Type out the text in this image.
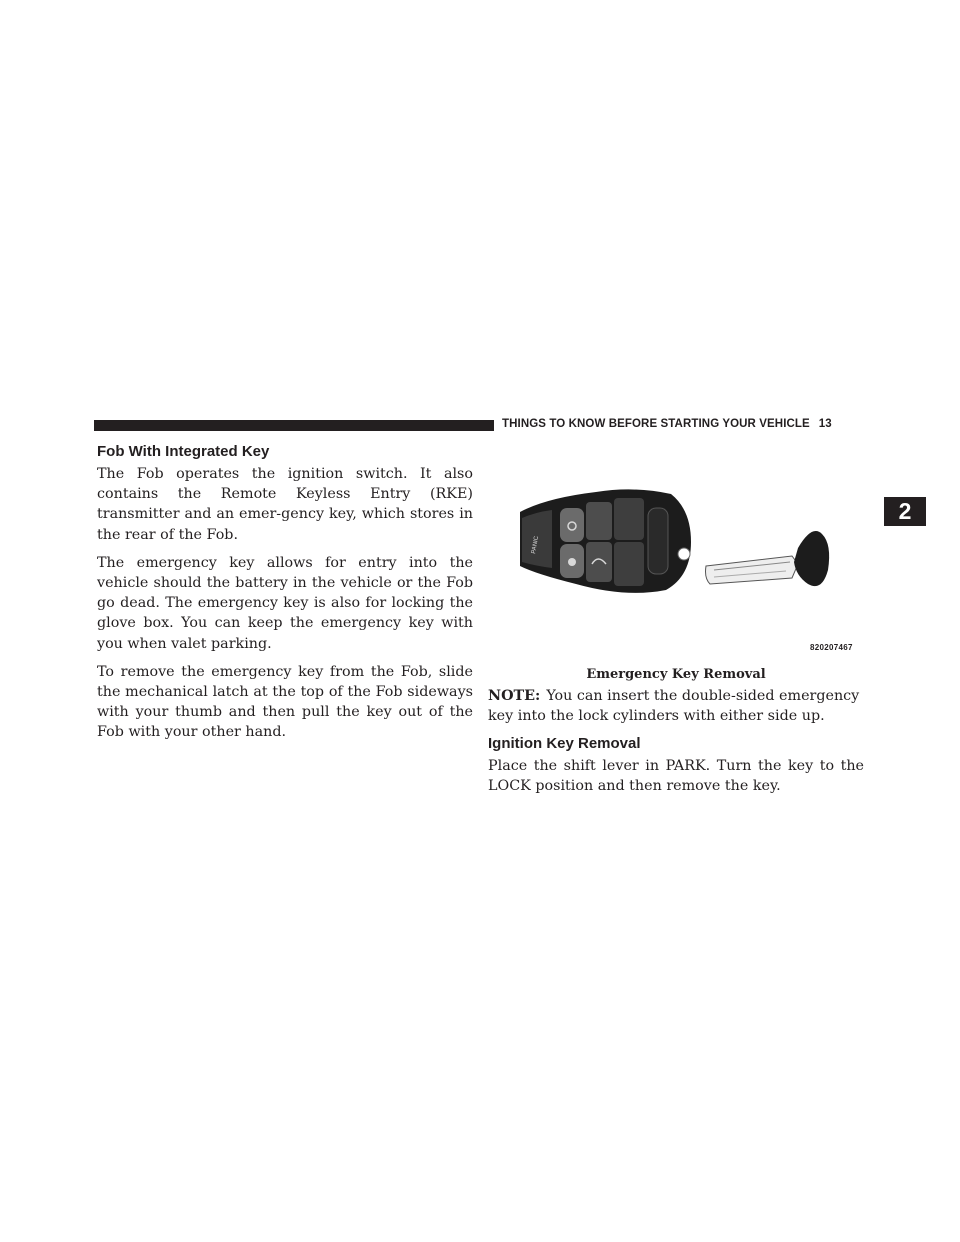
THINGS TO KNOW BEFORE STARTING YOUR VEHICLE 13
2
Fob With Integrated Key

The Fob operates the ignition switch. It also contains the Remote Keyless Entry (RKE) transmitter and an emer-gency key, which stores in the rear of the Fob.

The emergency key allows for entry into the vehicle should the battery in the vehicle or the Fob go dead. The emergency key is also for locking the glove box. You can keep the emergency key with you when valet parking.

To remove the emergency key from the Fob, slide the mechanical latch at the top of the Fob sideways with your thumb and then pull the key out of the Fob with your other hand.

PANIC
820207467
Emergency Key Removal

NOTE: You can insert the double-sided emergency key into the lock cylinders with either side up.

Ignition Key Removal

Place the shift lever in PARK. Turn the key to the LOCK position and then remove the key.
